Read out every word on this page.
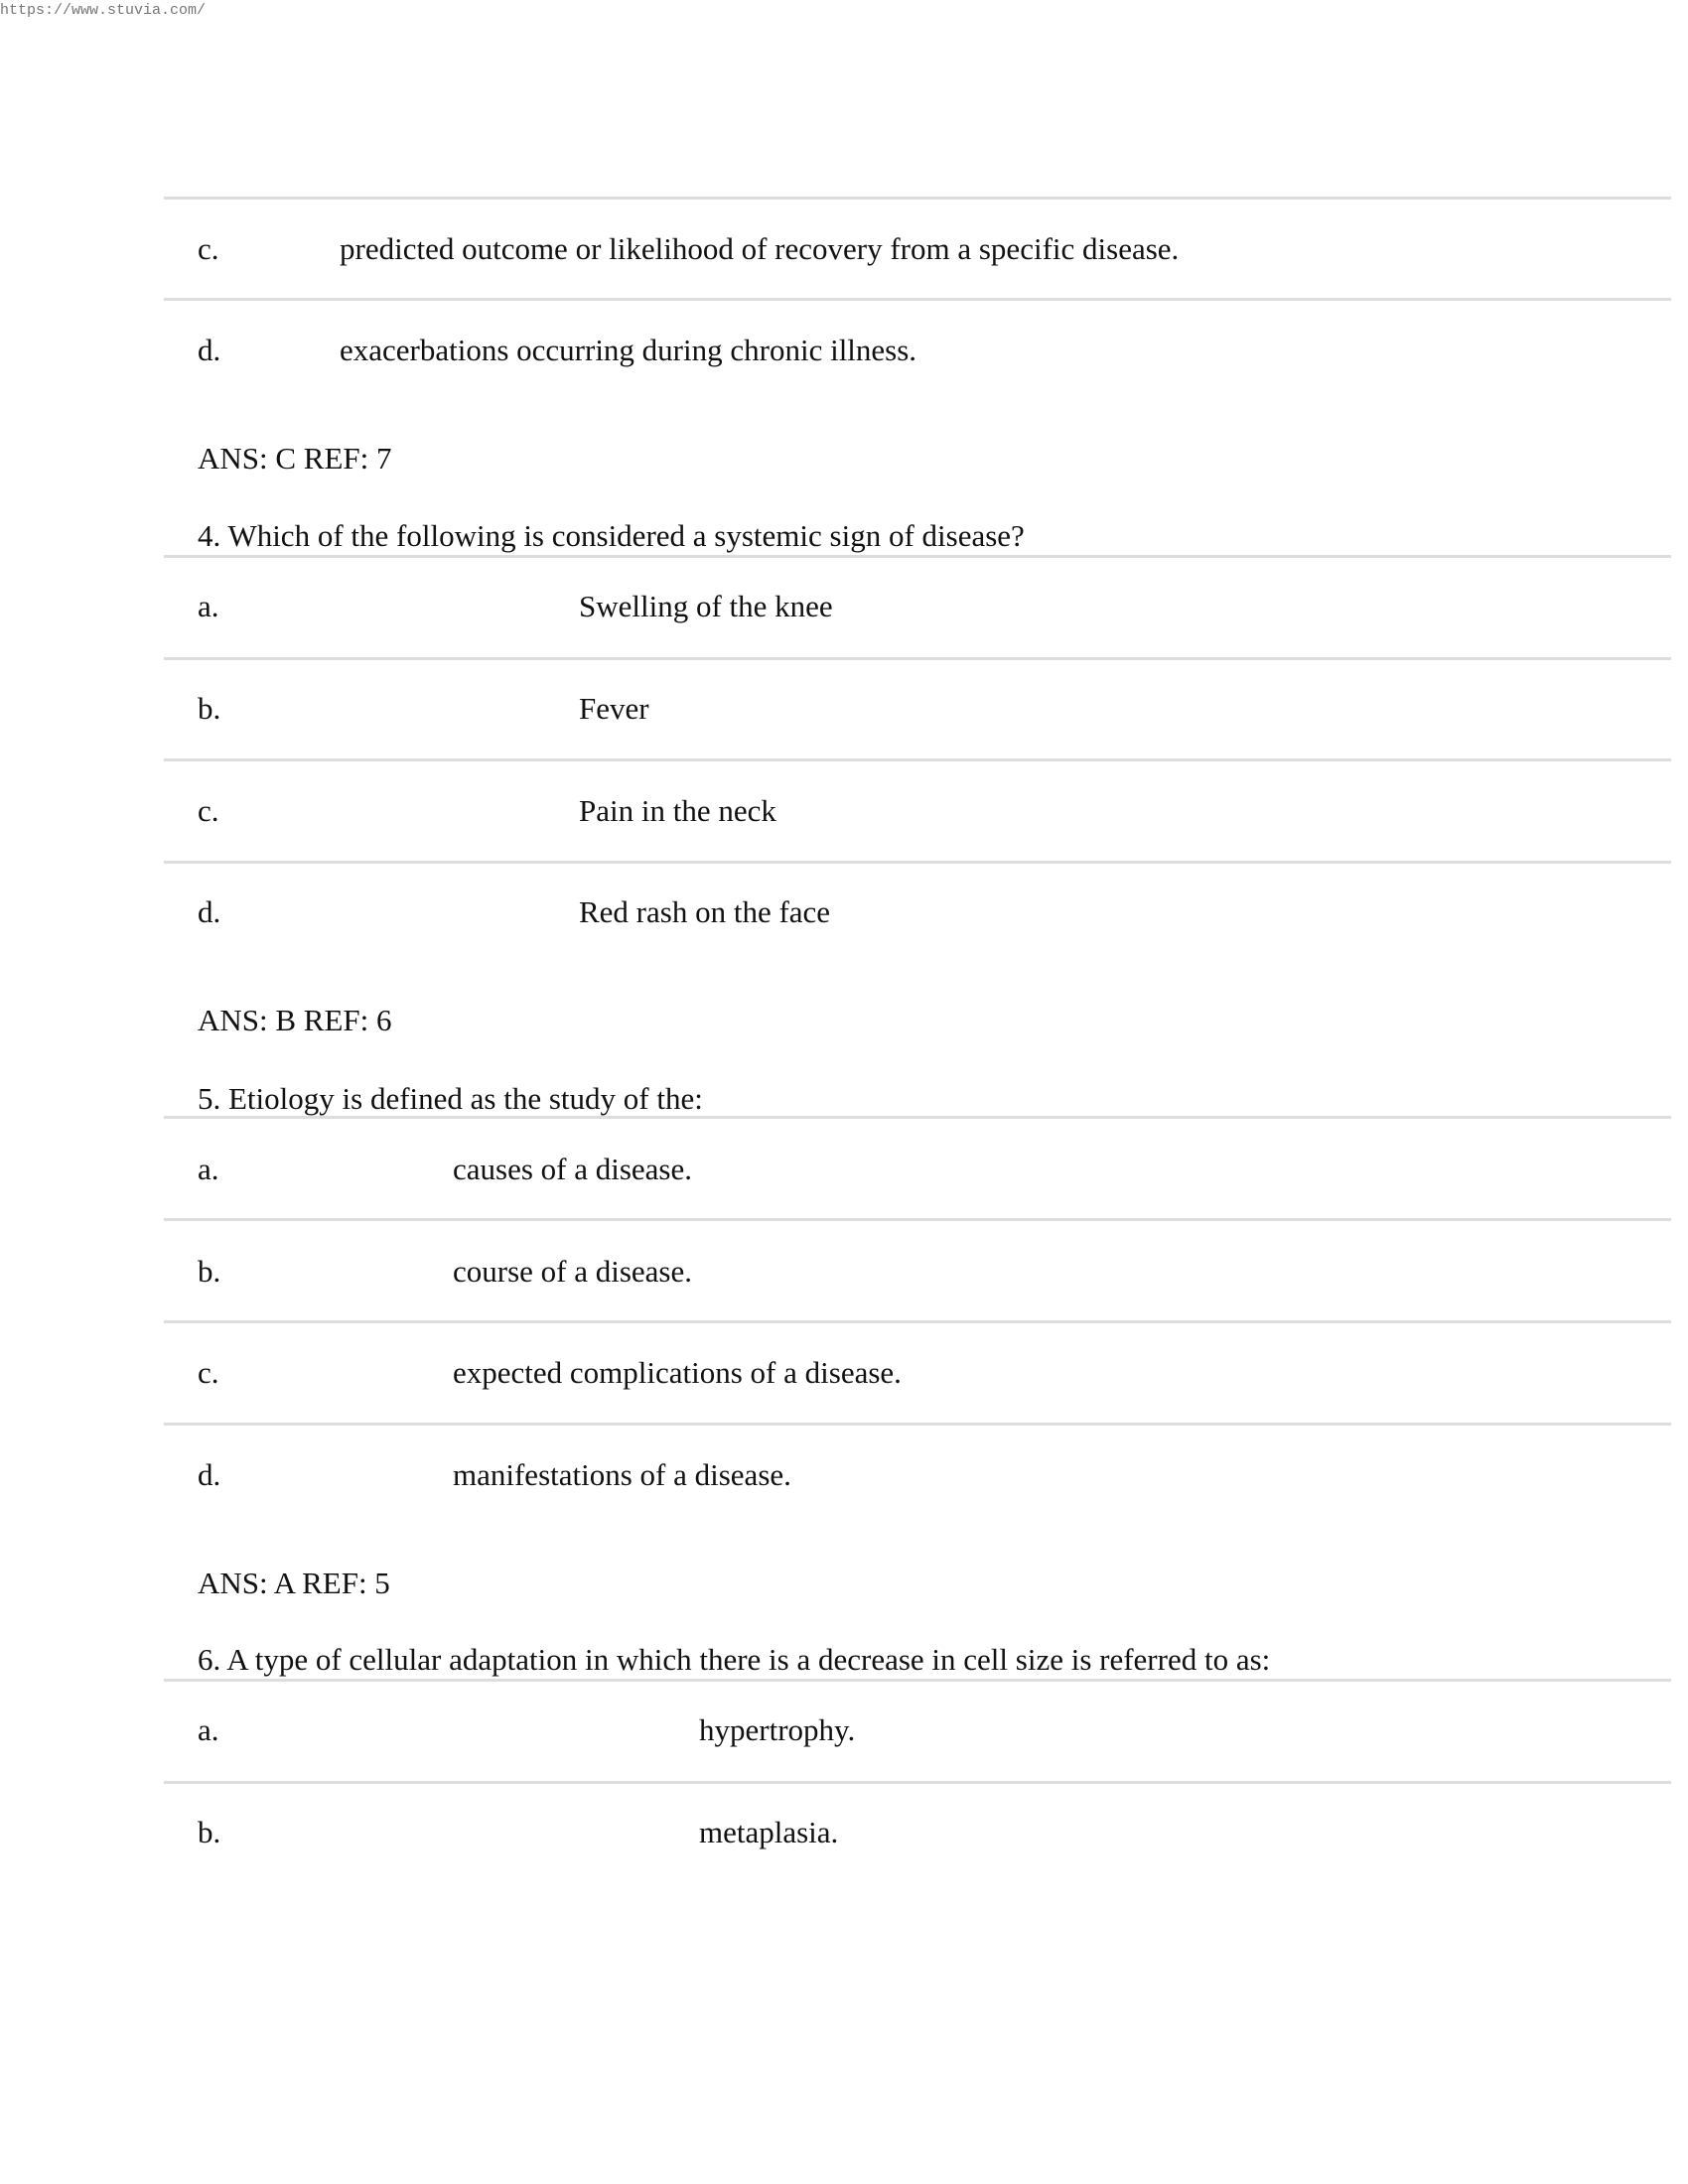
https://www.stuvia.com/
c.	predicted outcome or likelihood of recovery from a specific disease.
d.	exacerbations occurring during chronic illness.
ANS: C REF: 7
4. Which of the following is considered a systemic sign of disease?
a.	Swelling of the knee
b.	Fever
c.	Pain in the neck
d.	Red rash on the face
ANS: B REF: 6
5. Etiology is defined as the study of the:
a.	causes of a disease.
b.	course of a disease.
c.	expected complications of a disease.
d.	manifestations of a disease.
ANS: A REF: 5
6. A type of cellular adaptation in which there is a decrease in cell size is referred to as:
a.	hypertrophy.
b.	metaplasia.
